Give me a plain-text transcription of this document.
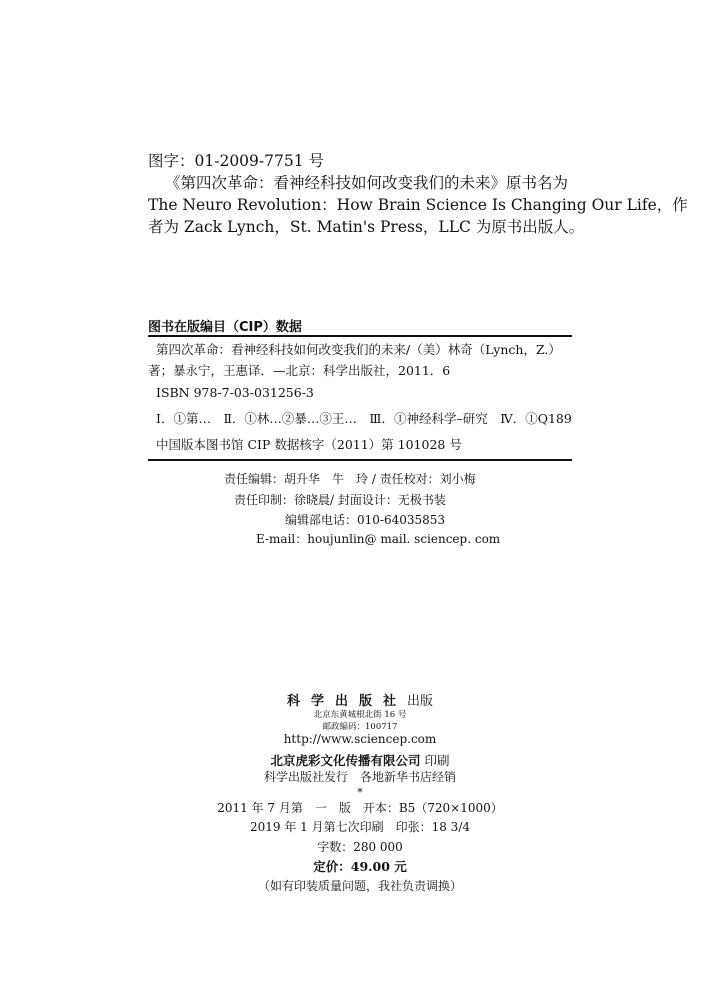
图字：01-2009-7751 号
《第四次革命：看神经科技如何改变我们的未来》原书名为
The Neuro Revolution：How Brain Science Is Changing Our Life，作
者为 Zack Lynch，St. Matin's Press，LLC 为原书出版人。
图书在版编目（CIP）数据
第四次革命：看神经科技如何改变我们的未来/（美）林奇（Lynch，Z.）
著；暴永宁，王惠译．—北京：科学出版社，2011．6
ISBN 978-7-03-031256-3
Ⅰ．①第…　Ⅱ．①林…②暴…③王…　Ⅲ．①神经科学–研究　Ⅳ．①Q189
中国版本图书馆 CIP 数据核字（2011）第 101028 号
责任编辑：胡升华　牛　玲 / 责任校对：刘小梅
责任印制：徐晓晨/ 封面设计：无极书装
编辑部电话：010-64035853
E-mail：houjunlin@ mail. sciencep. com
科学出版社出版
北京东黄城根北街 16 号
邮政编码：100717
http://www.sciencep.com
北京虎彩文化传播有限公司 印刷
科学出版社发行　各地新华书店经销
*
2011 年 7 月第　一　版　开本：B5（720×1000）
2019 年 1 月第七次印刷　印张：18 3/4
字数：280 000
定价：49.00 元
（如有印装质量问题，我社负责调换）
